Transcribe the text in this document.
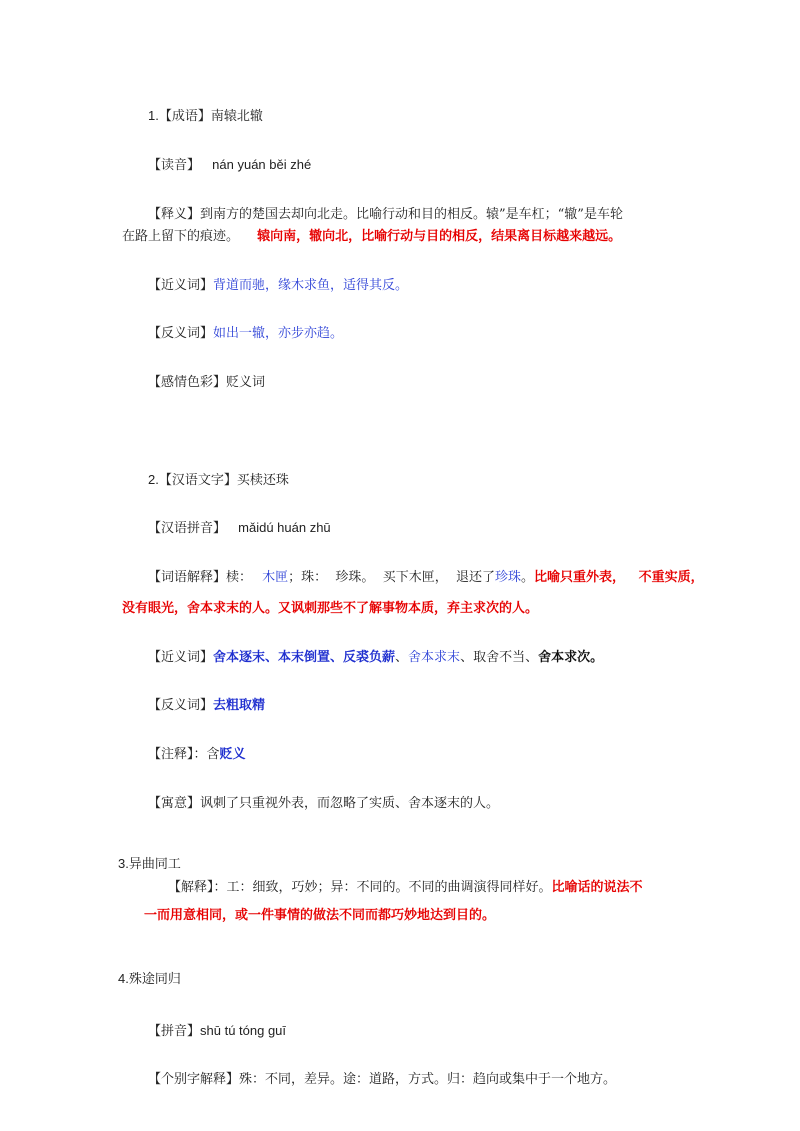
1.【成语】南辕北辙
【读音】 nán yuán běi zhé
【释义】到南方的楚国去却向北走。比喻行动和目的相反。辕”是车杠；“辙”是车轮
在路上留下的痕迹。 辕向南，辙向北，比喻行动与目的相反，结果离目标越来越远。
【近义词】背道而驰，缘木求鱼，适得其反。
【反义词】如出一辙，亦步亦趋。
【感情色彩】贬义词
2.【汉语文字】买椟还珠
【汉语拼音】 mǎidú huán zhū
【词语解释】椟： 木匣；珠：  珍珠。  买下木匣，  退还了珍珠。比喻只重外表，   不重实质，
没有眼光，舍本求末的人。又讽刺那些不了解事物本质，弃主求次的人。
【近义词】舍本逐末、本末倒置、反裘负薪、舍本求末、取舍不当、舍本求次。
【反义词】去粗取精
【注释】：含贬义
【寓意】讽刺了只重视外表，而忽略了实质、舍本逐末的人。
3.异曲同工
【解释】：工：细致，巧妙；异：不同的。不同的曲调演得同样好。比喻话的说法不
一而用意相同，或一件事情的做法不同而都巧妙地达到目的。
4.殊途同归
【拼音】shū tú tóng guī
【个别字解释】殊：不同，差异。途：道路，方式。归：趋向或集中于一个地方。
